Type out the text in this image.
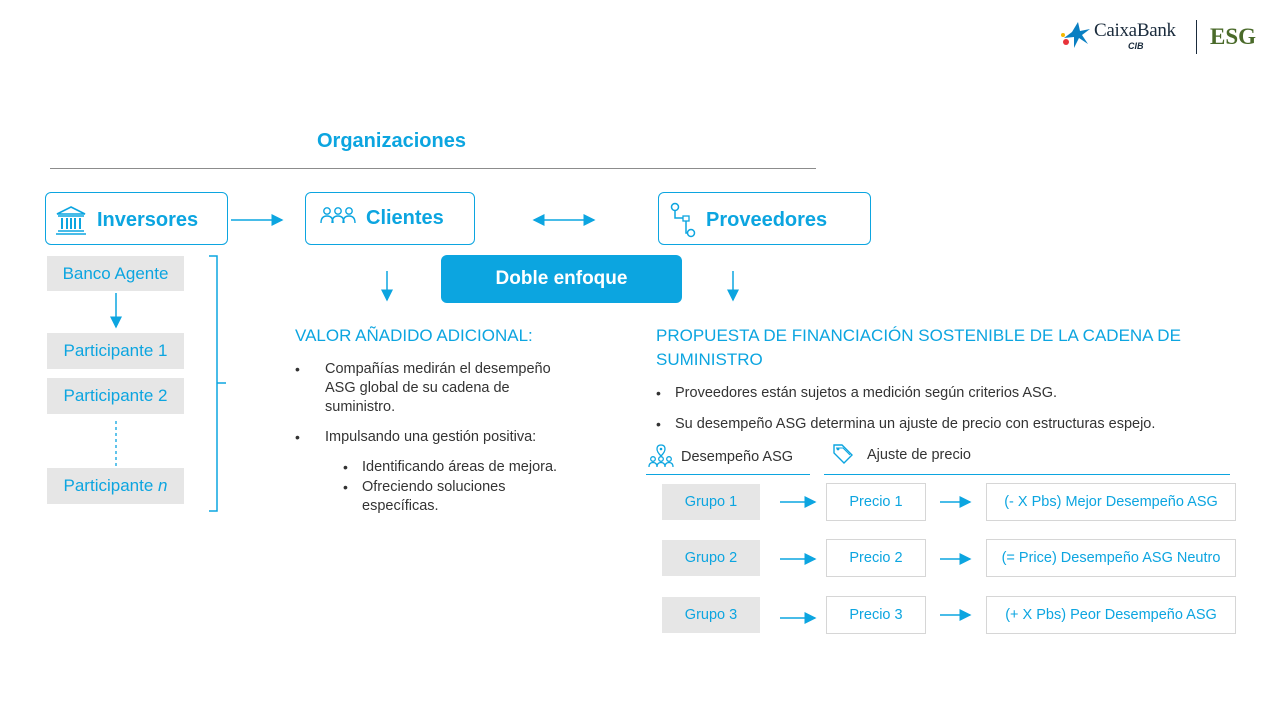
CaixaBank
CIB	ESG
Organizaciones
Inversores	Clientes	Proveedores
Doble enfoque
Banco Agente
Participante 1
Participante 2
Participante n
VALOR AÑADIDO ADICIONAL:
• Compañías medirán el desempeño ASG global de su cadena de suministro.
• Impulsando una gestión positiva:
• Identificando áreas de mejora.
• Ofreciendo soluciones específicas.
PROPUESTA DE FINANCIACIÓN SOSTENIBLE DE LA CADENA DE SUMINISTRO
• Proveedores están sujetos a medición según criterios ASG.
• Su desempeño ASG determina un ajuste de precio con estructuras espejo.
Desempeño ASG	Ajuste de precio
Grupo 1	Precio 1	(- X Pbs) Mejor Desempeño ASG
Grupo 2	Precio 2	(= Price) Desempeño ASG Neutro
Grupo 3	Precio 3	(+ X Pbs) Peor Desempeño ASG
